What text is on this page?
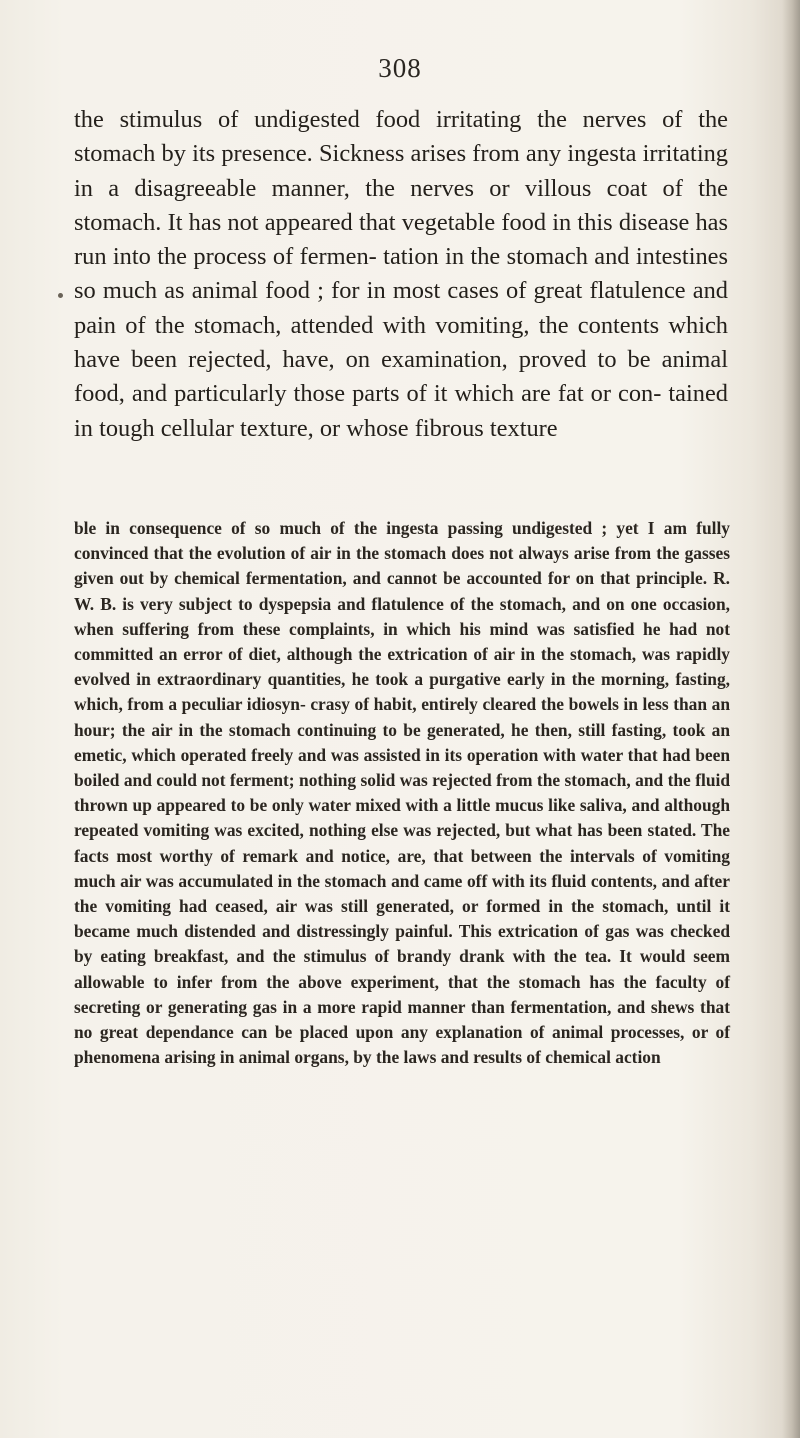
308

the stimulus of undigested food irritating the nerves of the stomach by its presence. Sickness arises from any ingesta irritating in a disagreeable manner, the nerves or villous coat of the stomach. It has not appeared that vegetable food in this disease has run into the process of fermen- tation in the stomach and intestines so much as animal food ; for in most cases of great flatulence and pain of the stomach, attended with vomiting, the contents which have been rejected, have, on examination, proved to be animal food, and particularly those parts of it which are fat or con- tained in tough cellular texture, or whose fibrous texture

ble in consequence of so much of the ingesta passing undigested ; yet I am fully convinced that the evolution of air in the stomach does not always arise from the gasses given out by chemical fermentation, and cannot be accounted for on that principle. R. W. B. is very subject to dyspepsia and flatulence of the stomach, and on one occasion, when suffering from these complaints, in which his mind was satisfied he had not committed an error of diet, although the extrication of air in the stomach, was rapidly evolved in extraordinary quantities, he took a purgative early in the morning, fasting, which, from a peculiar idiosyn- crasy of habit, entirely cleared the bowels in less than an hour; the air in the stomach continuing to be generated, he then, still fasting, took an emetic, which operated freely and was assisted in its operation with water that had been boiled and could not ferment; nothing solid was rejected from the stomach, and the fluid thrown up appeared to be only water mixed with a little mucus like saliva, and although repeated vomiting was excited, nothing else was rejected, but what has been stated. The facts most worthy of remark and notice, are, that between the intervals of vomiting much air was accumulated in the stomach and came off with its fluid contents, and after the vomiting had ceased, air was still generated, or formed in the stomach, until it became much distended and distressingly painful. This extrication of gas was checked by eating breakfast, and the stimulus of brandy drank with the tea. It would seem allowable to infer from the above experiment, that the stomach has the faculty of secreting or generating gas in a more rapid manner than fermentation, and shews that no great dependance can be placed upon any explanation of animal processes, or of phenomena arising in animal organs, by the laws and results of chemical action
